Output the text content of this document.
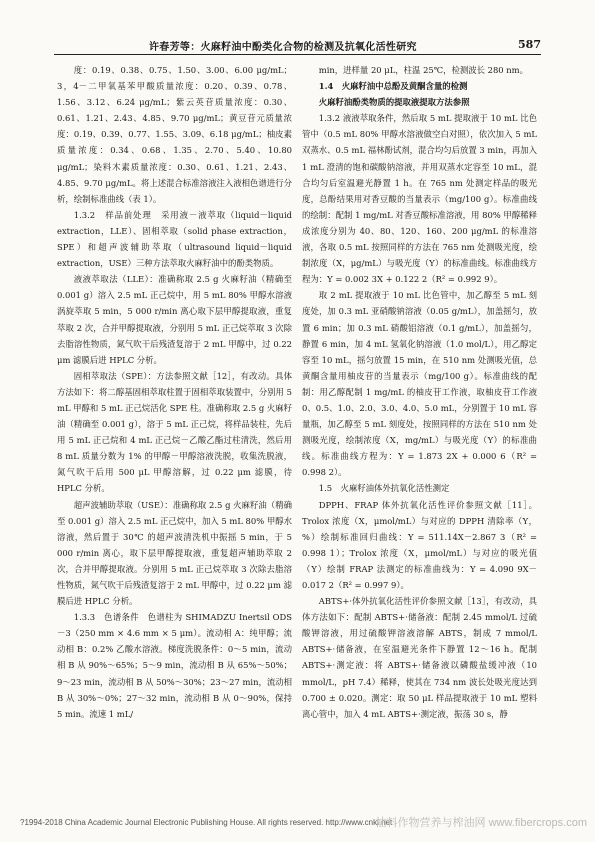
许春芳等：火麻籽油中酚类化合物的检测及抗氧化活性研究	587

度：0.19、0.38、0.75、1.50、3.00、6.00 μg/mL；3，4－二甲氧基苯甲酸质量浓度：0.20、0.39、0.78、1.56、3.12、6.24 μg/mL；紫云英苷质量浓度：0.30、0.61、1.21、2.43、4.85、9.70 μg/mL；黄豆苷元质量浓度：0.19、0.39、0.77、1.55、3.09、6.18 μg/mL；柚皮素质量浓度：0.34、0.68、1.35、2.70、5.40、10.80 μg/mL；染料木素质量浓度：0.30、0.61、1.21、2.43、4.85、9.70 μg/mL。将上述混合标准溶液注入液相色谱进行分析，绘制标准曲线（表 1）。

1.3.2　样品前处理　采用液－液萃取（liquid－liquid extraction，LLE）、固相萃取（solid phase extraction，SPE）和超声波辅助萃取（ultrasound liquid－liquid extraction，USE）三种方法萃取火麻籽油中的酚类物质。

液液萃取法（LLE）：准确称取 2.5 g 火麻籽油（精确至 0.001 g）溶入 2.5 mL 正己烷中，用 5 mL 80% 甲醇水溶液涡旋萃取 5 min，5 000 r/min 离心取下层甲醇提取液，重复萃取 2 次，合并甲醇提取液，分别用 5 mL 正己烷萃取 3 次除去脂溶性物质，氮气吹干后残渣复溶于 2 mL 甲醇中，过 0.22 μm 滤膜后进 HPLC 分析。

固相萃取法（SPE）：方法参照文献［12］，有改动。具体方法如下：将二醇基固相萃取柱置于固相萃取装置中，分别用 5 mL 甲醇和 5 mL 正己烷活化 SPE 柱。准确称取 2.5 g 火麻籽油（精确至 0.001 g），溶于 5 mL 正己烷，将样品装柱，先后用 5 mL 正己烷和 4 mL 正己烷－乙酸乙酯过柱清洗，然后用 8 mL 质量分数为 1% 的甲醇－甲醇溶液洗脱，收集洗脱液，氮气吹干后用 500 μL 甲醇溶解，过 0.22 μm 滤膜，待 HPLC 分析。

超声波辅助萃取（USE）：准确称取 2.5 g 火麻籽油（精确至 0.001 g）溶入 2.5 mL 正己烷中，加入 5 mL 80% 甲醇水溶液，然后置于 30℃ 的超声波清洗机中振摇 5 min，于 5 000 r/min 离心，取下层甲醇提取液，重复超声辅助萃取 2 次，合并甲醇提取液。分别用 5 mL 正己烷萃取 3 次除去脂溶性物质，氮气吹干后残渣复溶于 2 mL 甲醇中，过 0.22 μm 滤膜后进 HPLC 分析。

1.3.3　色谱条件　色谱柱为 SHIMADZU Inertsil ODS－3（250 mm × 4.6 mm × 5 μm）。流动相 A：纯甲醇；流动相 B：0.2% 乙酸水溶液。梯度洗脱条件：0～5 min，流动相 B 从 90%～65%；5～9 min，流动相 B 从 65%～50%；9～23 min，流动相 B 从 50%～30%；23～27 min，流动相 B 从 30%～0%；27～32 min，流动相 B 从 0～90%，保持 5 min。流速 1 mL/

min，进样量 20 μL，柱温 25℃，检测波长 280 nm。

1.4　火麻籽油中总酚及黄酮含量的检测

火麻籽油酚类物质的提取液提取方法参照

1.3.2 液液萃取条件，然后取 5 mL 提取液于 10 mL 比色管中（0.5 mL 80% 甲醇水溶液做空白对照），依次加入 5 mL 双蒸水、0.5 mL 福林酚试剂，混合均匀后放置 3 min，再加入 1 mL 澄清的饱和碳酸钠溶液，并用双蒸水定容至 10 mL，混合均匀后室温避光静置 1 h。在 765 nm 处测定样品的吸光度，总酚结果用对香豆酸的当量表示（mg/100 g）。标准曲线的绘制：配制 1 mg/mL 对香豆酸标准溶液，用 80% 甲醇稀释成浓度分别为 40、80、120、160、200 μg/mL 的标准溶液，各取 0.5 mL 按照同样的方法在 765 nm 处测吸光度，绘制浓度（X，μg/mL）与吸光度（Y）的标准曲线。标准曲线方程为：Y = 0.002 3X + 0.122 2（R² = 0.992 9）。

取 2 mL 提取液于 10 mL 比色管中，加乙醇至 5 mL 刻度处，加 0.3 mL 亚硝酸钠溶液（0.05 g/mL），加盖摇匀，放置 6 min；加 0.3 mL 硝酸铝溶液（0.1 g/mL），加盖摇匀，静置 6 min，加 4 mL 氢氧化钠溶液（1.0 mol/L），用乙醇定容至 10 mL，摇匀放置 15 min，在 510 nm 处测吸光值，总黄酮含量用柚皮苷的当量表示（mg/100 g）。标准曲线的配制：用乙醇配制 1 mg/mL 的柚皮苷工作液，取柚皮苷工作液 0、0.5、1.0、2.0、3.0、4.0、5.0 mL，分别置于 10 mL 容量瓶，加乙醇至 5 mL 刻度处，按照同样的方法在 510 nm 处测吸光度，绘制浓度（X，mg/mL）与吸光度（Y）的标准曲线。标准曲线方程为：Y = 1.873 2X + 0.000 6（R² = 0.998 2）。

1.5　火麻籽油体外抗氧化活性测定

DPPH、FRAP 体外抗氧化活性评价参照文献［11］。Trolox 浓度（X，μmol/mL）与对应的 DPPH 清除率（Y，%）绘制标准回归曲线：Y = 511.14X－2.867 3（R² = 0.998 1）；Trolox 浓度（X，μmol/mL）与对应的吸光值（Y）绘制 FRAP 法测定的标准曲线为：Y = 4.090 9X－0.017 2（R² = 0.997 9）。

ABTS+·体外抗氧化活性评价参照文献［13］，有改动，具体方法如下：配制 ABTS+·储备液：配制 2.45 mmol/L 过硫酸钾溶液，用过硫酸钾溶液溶解 ABTS，制成 7 mmol/L ABTS+·储备液，在室温避光条件下静置 12～16 h。配制 ABTS+·测定液：将 ABTS+·储备液以磷酸盐缓冲液（10 mmol/L，pH 7.4）稀释，使其在 734 nm 波长处吸光度达到 0.700 ± 0.020。测定：取 50 μL 样品提取液于 10 mL 塑料离心管中，加入 4 mL ABTS+·测定液，振荡 30 s，静

?1994-2018 China Academic Journal Electronic Publishing House. All rights reserved. http://www.cnki.net
油料作物营养与榨油网 www.fibercrops.com
